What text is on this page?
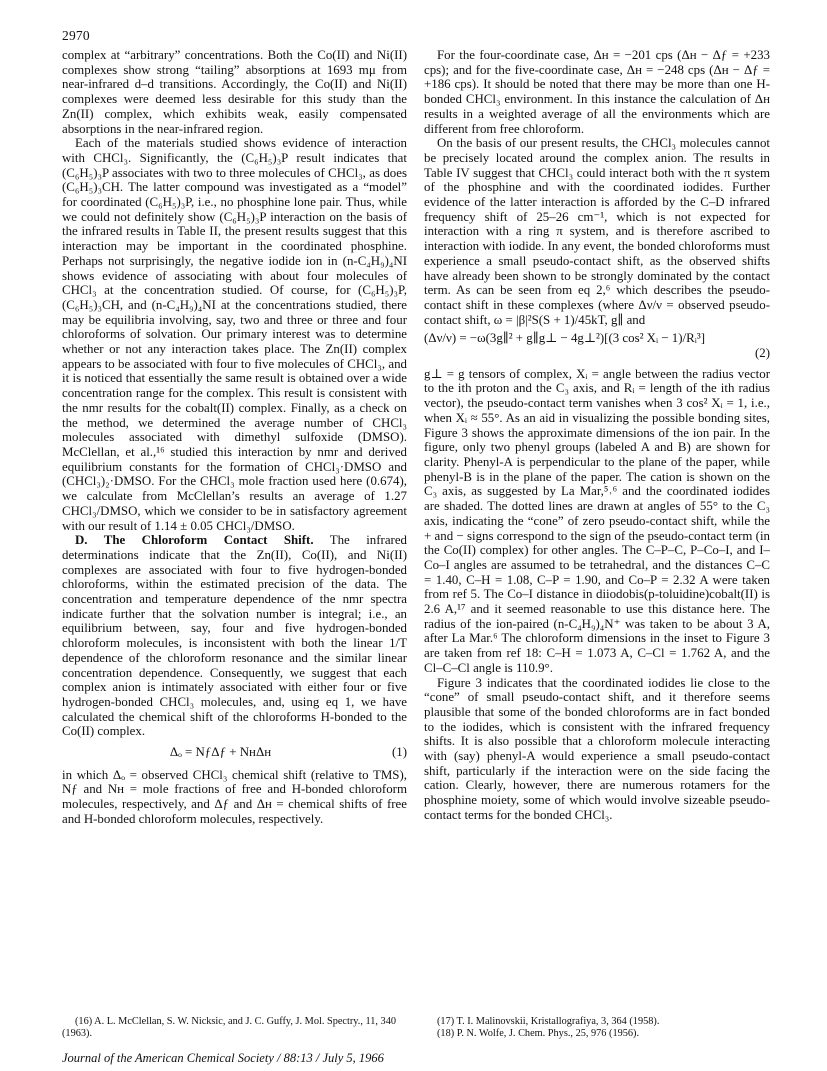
2970

complex at “arbitrary” concentrations. Both the Co(II) and Ni(II) complexes show strong “tailing” absorptions at 1693 mμ from near-infrared d–d transitions. Accordingly, the Co(II) and Ni(II) complexes were deemed less desirable for this study than the Zn(II) complex, which exhibits weak, easily compensated absorptions in the near-infrared region.

Each of the materials studied shows evidence of interaction with CHCl₃. Significantly, the (C₆H₅)₃P result indicates that (C₆H₅)₃P associates with two to three molecules of CHCl₃, as does (C₆H₅)₃CH. The latter compound was investigated as a “model” for coordinated (C₆H₅)₃P, i.e., no phosphine lone pair. Thus, while we could not definitely show (C₆H₅)₃P interaction on the basis of the infrared results in Table II, the present results suggest that this interaction may be important in the coordinated phosphine. Perhaps not surprisingly, the negative iodide ion in (n-C₄H₉)₄NI shows evidence of associating with about four molecules of CHCl₃ at the concentration studied. Of course, for (C₆H₅)₃P, (C₆H₅)₃CH, and (n-C₄H₉)₄NI at the concentrations studied, there may be equilibria involving, say, two and three or three and four chloroforms of solvation. Our primary interest was to determine whether or not any interaction takes place. The Zn(II) complex appears to be associated with four to five molecules of CHCl₃, and it is noticed that essentially the same result is obtained over a wide concentration range for the complex. This result is consistent with the nmr results for the cobalt(II) complex. Finally, as a check on the method, we determined the average number of CHCl₃ molecules associated with dimethyl sulfoxide (DMSO). McClellan, et al.,¹⁶ studied this interaction by nmr and derived equilibrium constants for the formation of CHCl₃·DMSO and (CHCl₃)₂·DMSO. For the CHCl₃ mole fraction used here (0.674), we calculate from McClellan’s results an average of 1.27 CHCl₃/DMSO, which we consider to be in satisfactory agreement with our result of 1.14 ± 0.05 CHCl₃/DMSO.

D. The Chloroform Contact Shift. The infrared determinations indicate that the Zn(II), Co(II), and Ni(II) complexes are associated with four to five hydrogen-bonded chloroforms, within the estimated precision of the data. The concentration and temperature dependence of the nmr spectra indicate further that the solvation number is integral; i.e., an equilibrium between, say, four and five hydrogen-bonded chloroform molecules, is inconsistent with both the linear 1/T dependence of the chloroform resonance and the similar linear concentration dependence. Consequently, we suggest that each complex anion is intimately associated with either four or five hydrogen-bonded CHCl₃ molecules, and, using eq 1, we have calculated the chemical shift of the chloroforms H-bonded to the Co(II) complex.

Δₒ = NƒΔƒ + NʜΔʜ	(1)

in which Δₒ = observed CHCl₃ chemical shift (relative to TMS), Nƒ and Nʜ = mole fractions of free and H-bonded chloroform molecules, respectively, and Δƒ and Δʜ = chemical shifts of free and H-bonded chloroform molecules, respectively.

For the four-coordinate case, Δʜ = −201 cps (Δʜ − Δƒ = +233 cps); and for the five-coordinate case, Δʜ = −248 cps (Δʜ − Δƒ = +186 cps). It should be noted that there may be more than one H-bonded CHCl₃ environment. In this instance the calculation of Δʜ results in a weighted average of all the environments which are different from free chloroform.

On the basis of our present results, the CHCl₃ molecules cannot be precisely located around the complex anion. The results in Table IV suggest that CHCl₃ could interact both with the π system of the phosphine and with the coordinated iodides. Further evidence of the latter interaction is afforded by the C–D infrared frequency shift of 25–26 cm⁻¹, which is not expected for interaction with a ring π system, and is therefore ascribed to interaction with iodide. In any event, the bonded chloroforms must experience a small pseudo-contact shift, as the observed shifts have already been shown to be strongly dominated by the contact term. As can be seen from eq 2,⁶ which describes the pseudo-contact shift in these complexes (where Δν/ν = observed pseudo-contact shift, ω = |β|²S(S + 1)/45kT, g∥ and

(Δν/ν) = −ω(3g∥² + g∥g⊥ − 4g⊥²)[(3 cos² Xᵢ − 1)/Rᵢ³]
(2)

g⊥ = g tensors of complex, Xᵢ = angle between the radius vector to the ith proton and the C₃ axis, and Rᵢ = length of the ith radius vector), the pseudo-contact term vanishes when 3 cos² Xᵢ = 1, i.e., when Xᵢ ≈ 55°. As an aid in visualizing the possible bonding sites, Figure 3 shows the approximate dimensions of the ion pair. In the figure, only two phenyl groups (labeled A and B) are shown for clarity. Phenyl-A is perpendicular to the plane of the paper, while phenyl-B is in the plane of the paper. The cation is shown on the C₃ axis, as suggested by La Mar,⁵˒⁶ and the coordinated iodides are shaded. The dotted lines are drawn at angles of 55° to the C₃ axis, indicating the “cone” of zero pseudo-contact shift, while the + and − signs correspond to the sign of the pseudo-contact term (in the Co(II) complex) for other angles. The C–P–C, P–Co–I, and I–Co–I angles are assumed to be tetrahedral, and the distances C–C = 1.40, C–H = 1.08, C–P = 1.90, and Co–P = 2.32 A were taken from ref 5. The Co–I distance in diiodobis(p-toluidine)cobalt(II) is 2.6 A,¹⁷ and it seemed reasonable to use this distance here. The radius of the ion-paired (n-C₄H₉)₄N⁺ was taken to be about 3 A, after La Mar.⁶ The chloroform dimensions in the inset to Figure 3 are taken from ref 18: C–H = 1.073 A, C–Cl = 1.762 A, and the Cl–C–Cl angle is 110.9°.

Figure 3 indicates that the coordinated iodides lie close to the “cone” of small pseudo-contact shift, and it therefore seems plausible that some of the bonded chloroforms are in fact bonded to the iodides, which is consistent with the infrared frequency shifts. It is also possible that a chloroform molecule interacting with (say) phenyl-A would experience a small pseudo-contact shift, particularly if the interaction were on the side facing the cation. Clearly, however, there are numerous rotamers for the phosphine moiety, some of which would involve sizeable pseudo-contact terms for the bonded CHCl₃.

(16) A. L. McClellan, S. W. Nicksic, and J. C. Guffy, J. Mol. Spectry., 11, 340 (1963).

(17) T. I. Malinovskii, Kristallografiya, 3, 364 (1958).

(18) P. N. Wolfe, J. Chem. Phys., 25, 976 (1956).

Journal of the American Chemical Society / 88:13 / July 5, 1966
